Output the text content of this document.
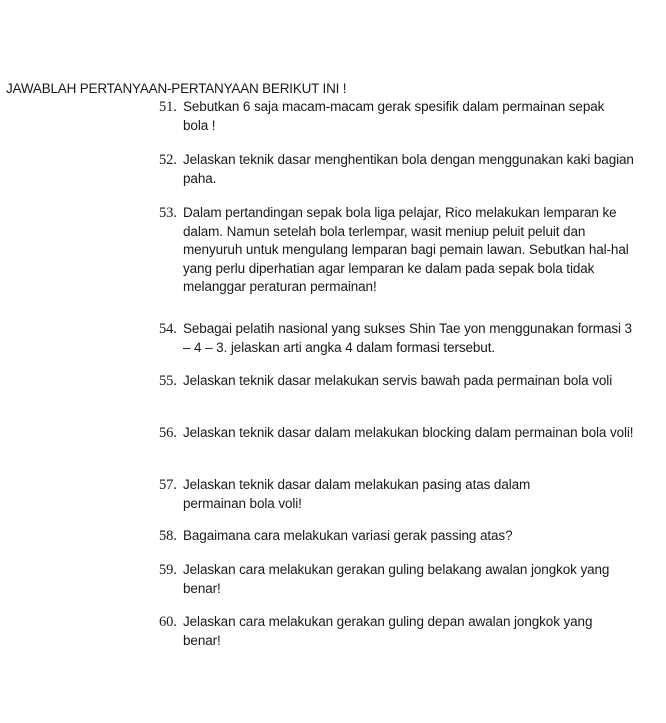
JAWABLAH PERTANYAAN-PERTANYAAN BERIKUT INI !
51. Sebutkan 6 saja macam-macam gerak spesifik dalam permainan sepak bola !
52. Jelaskan teknik dasar menghentikan bola dengan menggunakan kaki bagian paha.
53. Dalam pertandingan sepak bola liga pelajar, Rico melakukan lemparan ke dalam. Namun setelah bola terlempar, wasit meniup peluit peluit dan menyuruh untuk mengulang lemparan bagi pemain lawan. Sebutkan hal-hal yang perlu diperhatian agar lemparan ke dalam pada sepak bola tidak melanggar peraturan permainan!
54. Sebagai pelatih nasional yang sukses Shin Tae yon menggunakan formasi 3 – 4 – 3. jelaskan arti angka 4 dalam formasi tersebut.
55. Jelaskan teknik dasar melakukan servis bawah pada permainan bola voli
56. Jelaskan teknik dasar dalam melakukan blocking dalam permainan bola voli!
57. Jelaskan teknik dasar dalam melakukan pasing atas dalam permainan bola voli!
58. Bagaimana cara melakukan variasi gerak passing atas?
59. Jelaskan cara melakukan gerakan guling belakang awalan jongkok yang benar!
60. Jelaskan cara melakukan gerakan guling depan awalan jongkok yang benar!
